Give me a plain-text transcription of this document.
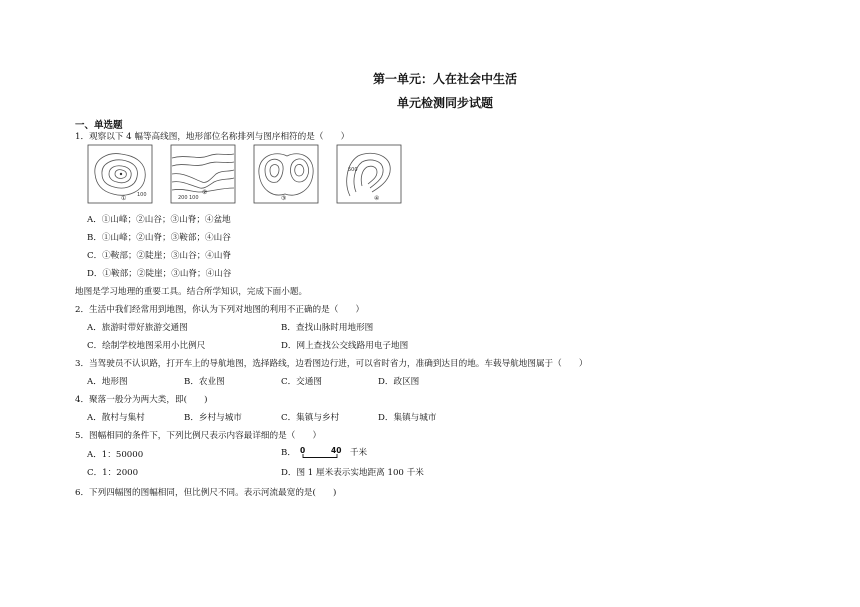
第一单元：人在社会中生活
单元检测同步试题
一、单选题
1．观察以下 4 幅等高线图，地形部位名称排列与图序相符的是（　　）
100
①	200 100
②
③
500
④
A．①山峰；②山谷；③山脊；④盆地
B．①山峰；②山脊；③鞍部；④山谷
C．①鞍部；②陡崖；③山谷；④山脊
D．①鞍部；②陡崖；③山脊；④山谷
地图是学习地理的重要工具。结合所学知识，完成下面小题。
2．生活中我们经常用到地图，你认为下列对地图的利用不正确的是（　　）
A．旅游时带好旅游交通图	B．查找山脉时用地形图
C．绘制学校地图采用小比例尺	D．网上查找公交线路用电子地图
3．当驾驶员不认识路，打开车上的导航地图，选择路线，边看图边行进，可以省时省力，准确到达目的地。车载导航地图属于（　　）
A．地形图	B．农业图	C．交通图	D．政区图
4．聚落一般分为两大类，即(　　)
A．散村与集村	B．乡村与城市	C．集镇与乡村	D．集镇与城市
5．图幅相同的条件下，下列比例尺表示内容最详细的是（　　）
A．1：50000	B． 0	40 千米
C．1：2000	D．图 1 厘米表示实地距离 100 千米
6．下列四幅图的图幅相同，但比例尺不同。表示河流最宽的是(　　)
